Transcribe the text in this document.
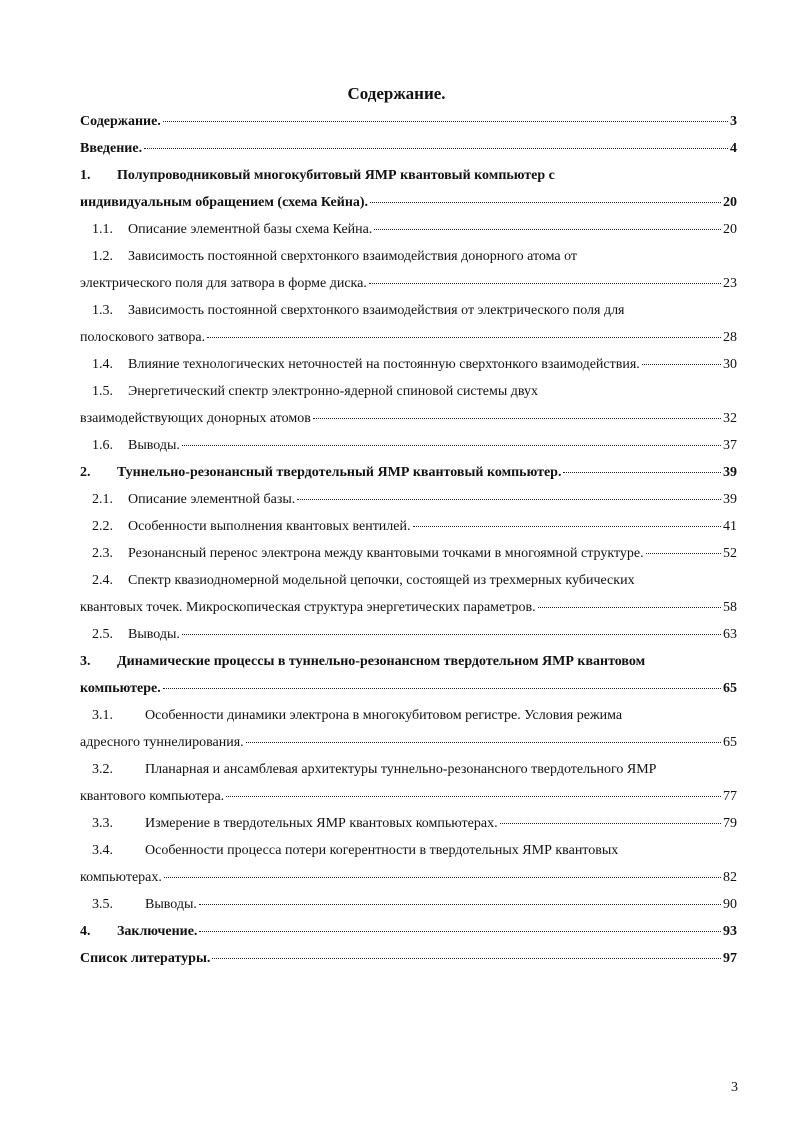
Содержание.
Содержание.	3
Введение.	4
1.	Полупроводниковый многокубитовый ЯМР квантовый компьютер с
индивидуальным обращением (схема Кейна).	20
1.1.	Описание элементной базы схема Кейна.	20
1.2.	Зависимость постоянной сверхтонкого взаимодействия донорного атома от
электрического поля для затвора в форме диска.	23
1.3.	Зависимость постоянной сверхтонкого взаимодействия от электрического поля для
полоскового затвора.	28
1.4.	Влияние технологических неточностей на постоянную сверхтонкого взаимодействия.	30
1.5.	Энергетический спектр электронно-ядерной спиновой системы двух
взаимодействующих донорных атомов	32
1.6.	Выводы.	37
2.	Туннельно-резонансный твердотельный ЯМР квантовый компьютер.	39
2.1.	Описание элементной базы.	39
2.2.	Особенности выполнения квантовых вентилей.	41
2.3.	Резонансный перенос электрона между квантовыми точками в многоямной структуре.	52
2.4.	Спектр квазиодномерной модельной цепочки, состоящей из трехмерных кубических
квантовых точек. Микроскопическая структура энергетических параметров.	58
2.5.	Выводы.	63
3.	Динамические процессы в туннельно-резонансном твердотельном ЯМР квантовом
компьютере.	65
3.1.	Особенности динамики электрона в многокубитовом регистре. Условия режима
адресного туннелирования.	65
3.2.	Планарная и ансамблевая архитектуры туннельно-резонансного твердотельного ЯМР
квантового компьютера.	77
3.3.	Измерение в твердотельных ЯМР квантовых компьютерах.	79
3.4.	Особенности процесса потери когерентности в твердотельных ЯМР квантовых
компьютерах.	82
3.5.	Выводы.	90
4.	Заключение.	93
Список литературы.	97
3
